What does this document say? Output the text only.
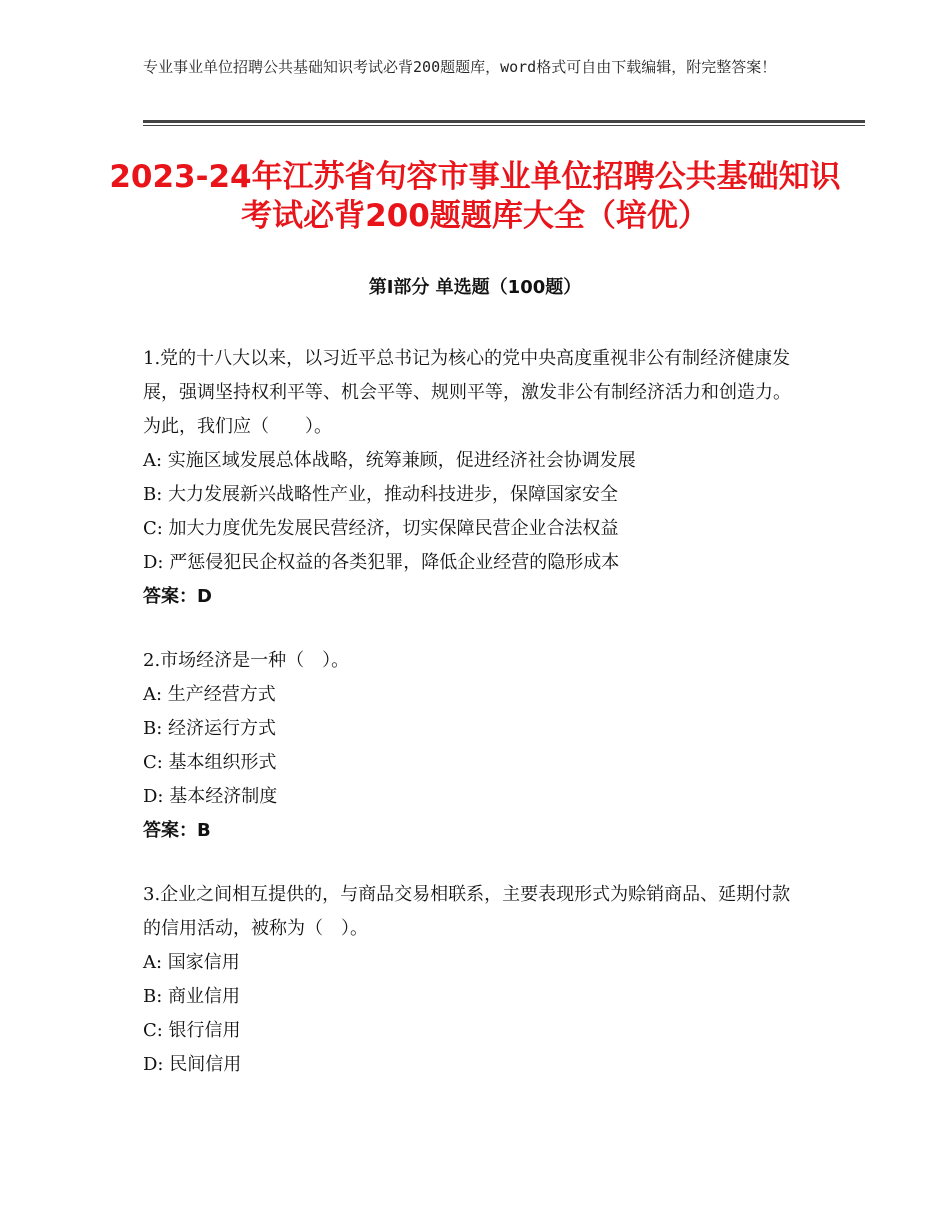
专业事业单位招聘公共基础知识考试必背200题题库，word格式可自由下载编辑，附完整答案！
2023-24年江苏省句容市事业单位招聘公共基础知识考试必背200题题库大全（培优）
第Ⅰ部分 单选题（100题）

1.党的十八大以来，以习近平总书记为核心的党中央高度重视非公有制经济健康发展，强调坚持权利平等、机会平等、规则平等，激发非公有制经济活力和创造力。为此，我们应（　　）。

A: 实施区域发展总体战略，统筹兼顾，促进经济社会协调发展

B: 大力发展新兴战略性产业，推动科技进步，保障国家安全

C: 加大力度优先发展民营经济，切实保障民营企业合法权益

D: 严惩侵犯民企权益的各类犯罪，降低企业经营的隐形成本

答案：D

2.市场经济是一种（　）。

A: 生产经营方式

B: 经济运行方式

C: 基本组织形式

D: 基本经济制度

答案：B

3.企业之间相互提供的，与商品交易相联系，主要表现形式为赊销商品、延期付款的信用活动，被称为（　）。

A: 国家信用

B: 商业信用

C: 银行信用

D: 民间信用
